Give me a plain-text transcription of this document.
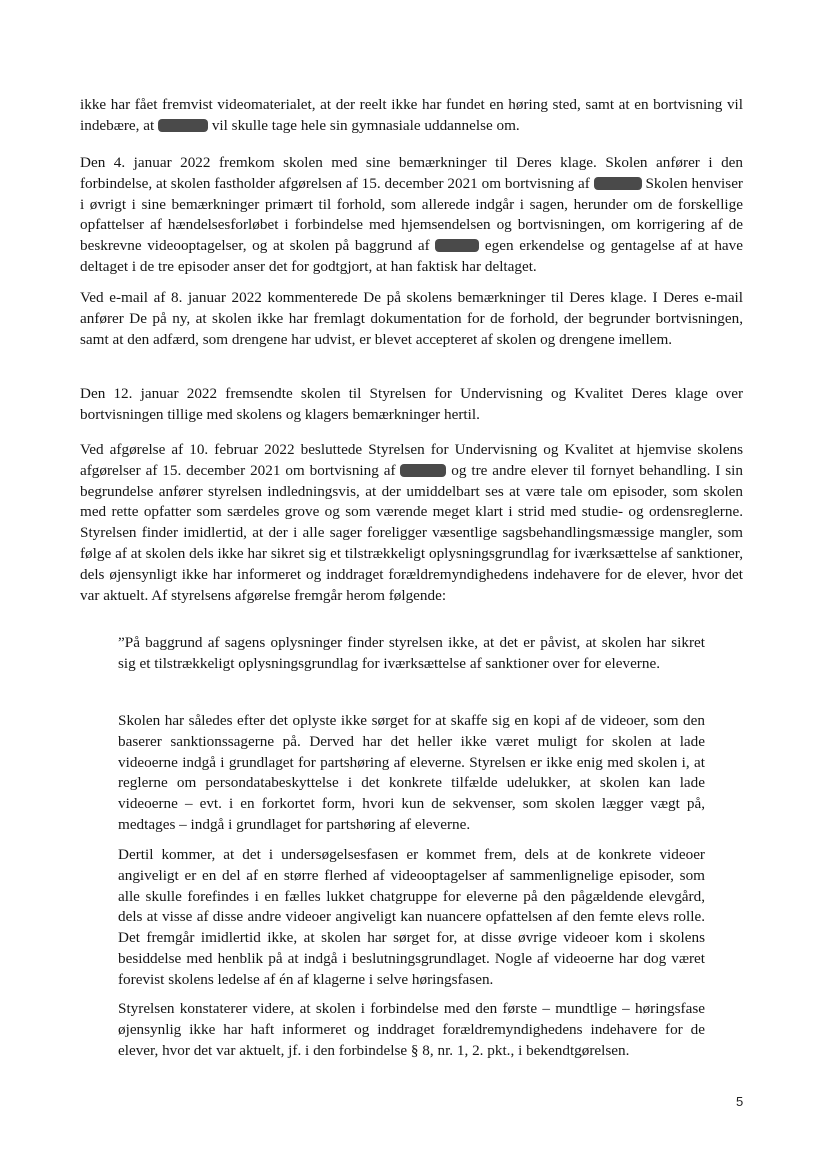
ikke har fået fremvist videomaterialet, at der reelt ikke har fundet en høring sted, samt at en bortvisning vil indebære, at	vil skulle tage hele sin gymnasiale uddannelse om.

Den 4. januar 2022 fremkom skolen med sine bemærkninger til Deres klage. Skolen anfører i den forbindelse, at skolen fastholder afgørelsen af 15. december 2021 om bortvisning af	Skolen henviser i øvrigt i sine bemærkninger primært til forhold, som allerede indgår i sagen, herunder om de forskellige opfattelser af hændelsesforløbet i forbindelse med hjemsendelsen og bortvisningen, om korrigering af de beskrevne videooptagelser, og at skolen på baggrund af	egen erkendelse og gentagelse af at have deltaget i de tre episoder anser det for godtgjort, at han faktisk har deltaget.

Ved e-mail af 8. januar 2022 kommenterede De på skolens bemærkninger til Deres klage. I Deres e-mail anfører De på ny, at skolen ikke har fremlagt dokumentation for de forhold, der begrunder bortvisningen, samt at den adfærd, som drengene har udvist, er blevet accepteret af skolen og drengene imellem.

Den 12. januar 2022 fremsendte skolen til Styrelsen for Undervisning og Kvalitet Deres klage over bortvisningen tillige med skolens og klagers bemærkninger hertil.

Ved afgørelse af 10. februar 2022 besluttede Styrelsen for Undervisning og Kvalitet at hjemvise skolens afgørelser af 15. december 2021 om bortvisning af	og tre andre elever til fornyet behandling. I sin begrundelse anfører styrelsen indledningsvis, at der umiddelbart ses at være tale om episoder, som skolen med rette opfatter som særdeles grove og som værende meget klart i strid med studie- og ordensreglerne. Styrelsen finder imidlertid, at der i alle sager foreligger væsentlige sagsbehandlingsmæssige mangler, som følge af at skolen dels ikke har sikret sig et tilstrækkeligt oplysningsgrundlag for iværksættelse af sanktioner, dels øjensynligt ikke har informeret og inddraget forældremyndighedens indehavere for de elever, hvor det var aktuelt. Af styrelsens afgørelse fremgår herom følgende:

”På baggrund af sagens oplysninger finder styrelsen ikke, at det er påvist, at skolen har sikret sig et tilstrækkeligt oplysningsgrundlag for iværksættelse af sanktioner over for eleverne.

Skolen har således efter det oplyste ikke sørget for at skaffe sig en kopi af de videoer, som den baserer sanktionssagerne på. Derved har det heller ikke været muligt for skolen at lade videoerne indgå i grundlaget for partshøring af eleverne. Styrelsen er ikke enig med skolen i, at reglerne om persondatabeskyttelse i det konkrete tilfælde udelukker, at skolen kan lade videoerne – evt. i en forkortet form, hvori kun de sekvenser, som skolen lægger vægt på, medtages – indgå i grundlaget for partshøring af eleverne.

Dertil kommer, at det i undersøgelsesfasen er kommet frem, dels at de konkrete videoer angiveligt er en del af en større flerhed af videooptagelser af sammenlignelige episoder, som alle skulle forefindes i en fælles lukket chatgruppe for eleverne på den pågældende elevgård, dels at visse af disse andre videoer angiveligt kan nuancere opfattelsen af den femte elevs rolle. Det fremgår imidlertid ikke, at skolen har sørget for, at disse øvrige videoer kom i skolens besiddelse med henblik på at indgå i beslutningsgrundlaget. Nogle af videoerne har dog været forevist skolens ledelse af én af klagerne i selve høringsfasen.

Styrelsen konstaterer videre, at skolen i forbindelse med den første – mundtlige – høringsfase øjensynlig ikke har haft informeret og inddraget forældremyndighedens indehavere for de elever, hvor det var aktuelt, jf. i den forbindelse § 8, nr. 1, 2. pkt., i bekendtgørelsen.

5
